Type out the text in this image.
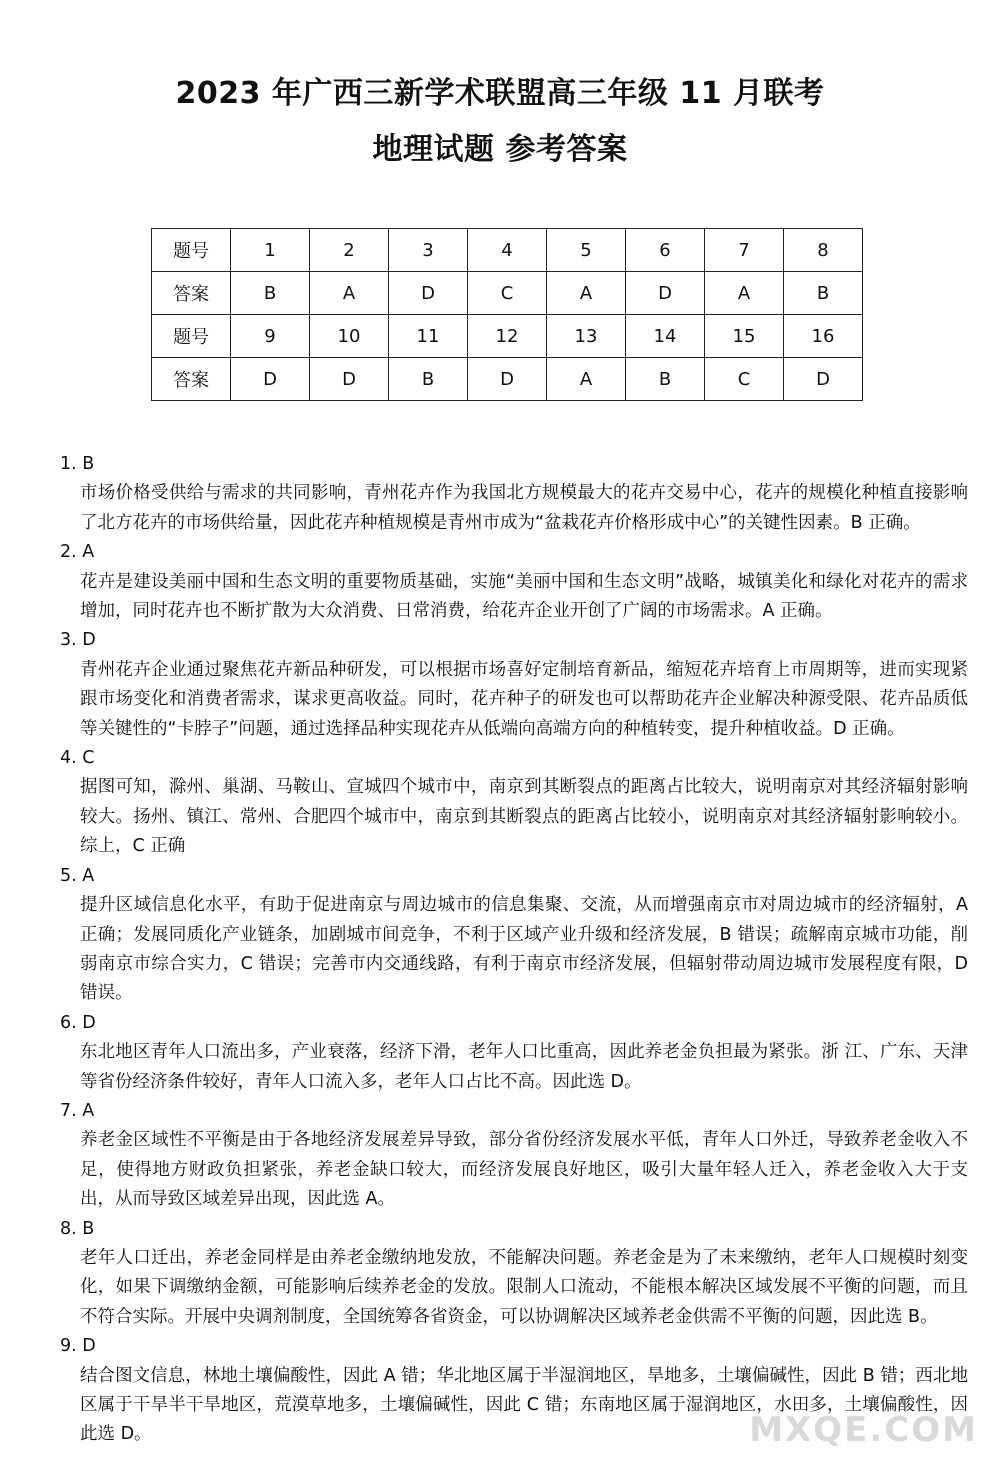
2023 年广西三新学术联盟高三年级 11 月联考
地理试题 参考答案
题号	1	2	3	4	5	6	7	8
答案	B	A	D	C	A	D	A	B
题号	9	10	11	12	13	14	15	16
答案	D	D	B	D	A	B	C	D
1. B
市场价格受供给与需求的共同影响，青州花卉作为我国北方规模最大的花卉交易中心，花卉的规模化种植直接影响了北方花卉的市场供给量，因此花卉种植规模是青州市成为“盆栽花卉价格形成中心”的关键性因素。B 正确。
2. A
花卉是建设美丽中国和生态文明的重要物质基础，实施“美丽中国和生态文明”战略，城镇美化和绿化对花卉的需求增加，同时花卉也不断扩散为大众消费、日常消费，给花卉企业开创了广阔的市场需求。A 正确。
3. D
青州花卉企业通过聚焦花卉新品种研发，可以根据市场喜好定制培育新品，缩短花卉培育上市周期等，进而实现紧跟市场变化和消费者需求，谋求更高收益。同时，花卉种子的研发也可以帮助花卉企业解决种源受限、花卉品质低等关键性的“卡脖子”问题，通过选择品种实现花卉从低端向高端方向的种植转变，提升种植收益。D 正确。
4. C
据图可知，滁州、巢湖、马鞍山、宣城四个城市中，南京到其断裂点的距离占比较大，说明南京对其经济辐射影响较大。扬州、镇江、常州、合肥四个城市中，南京到其断裂点的距离占比较小，说明南京对其经济辐射影响较小。综上，C 正确
5. A
提升区域信息化水平，有助于促进南京与周边城市的信息集聚、交流，从而增强南京市对周边城市的经济辐射，A 正确；发展同质化产业链条，加剧城市间竞争，不利于区域产业升级和经济发展，B 错误；疏解南京城市功能，削弱南京市综合实力，C 错误；完善市内交通线路，有利于南京市经济发展，但辐射带动周边城市发展程度有限，D 错误。
6. D
东北地区青年人口流出多，产业衰落，经济下滑，老年人口比重高，因此养老金负担最为紧张。浙 江、广东、天津等省份经济条件较好，青年人口流入多，老年人口占比不高。因此选 D。
7. A
养老金区域性不平衡是由于各地经济发展差异导致，部分省份经济发展水平低，青年人口外迁，导致养老金收入不足，使得地方财政负担紧张，养老金缺口较大，而经济发展良好地区，吸引大量年轻人迁入，养老金收入大于支出，从而导致区域差异出现，因此选 A。
8. B
老年人口迁出，养老金同样是由养老金缴纳地发放，不能解决问题。养老金是为了未来缴纳，老年人口规模时刻变化，如果下调缴纳金额，可能影响后续养老金的发放。限制人口流动，不能根本解决区域发展不平衡的问题，而且不符合实际。开展中央调剂制度，全国统筹各省资金，可以协调解决区域养老金供需不平衡的问题，因此选 B。
9. D
结合图文信息，林地土壤偏酸性，因此 A 错；华北地区属于半湿润地区，旱地多，土壤偏碱性，因此 B 错；西北地区属于干旱半干旱地区，荒漠草地多，土壤偏碱性，因此 C 错；东南地区属于湿润地区，水田多，土壤偏酸性，因此选 D。	MXQE.COM
